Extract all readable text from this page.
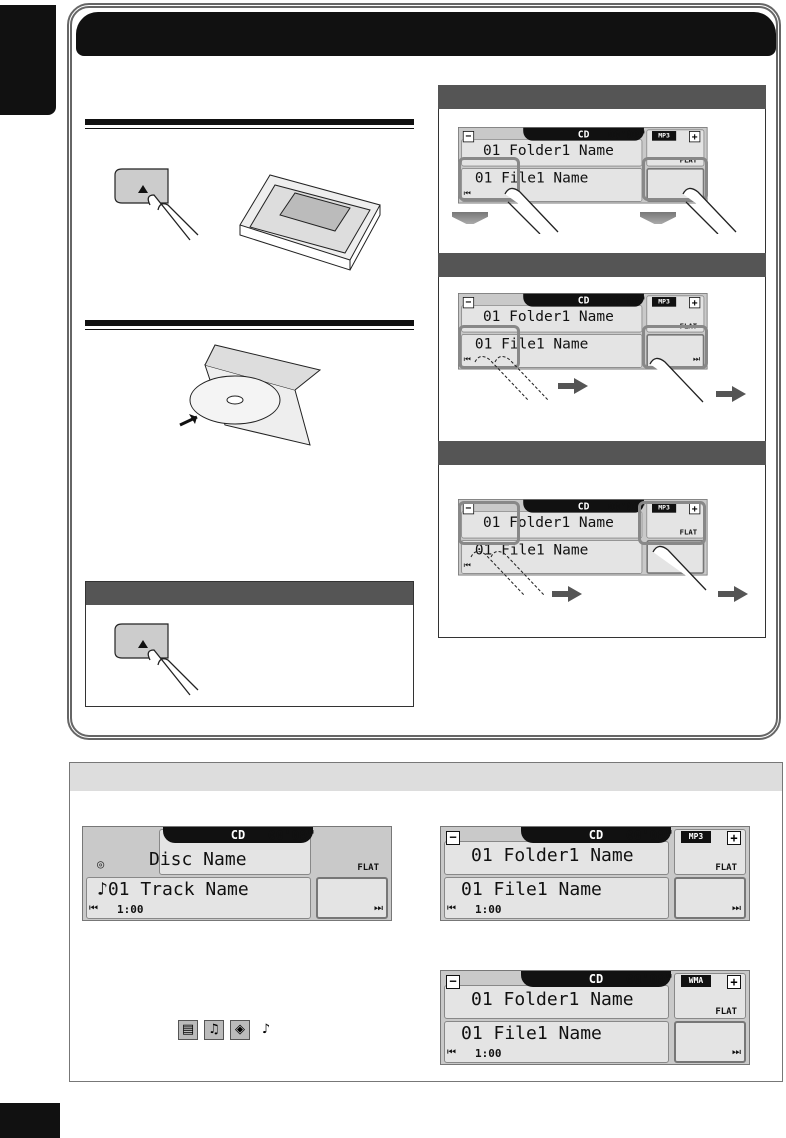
CD	00'00"
−	MP3	+
FLAT
01 Folder1 Name
01 File1 Name
⏮
CD	00'00"
−	MP3	+
FLAT
01 Folder1 Name
01 File1 Name
⏮	⏭
CD	00'00"
−	MP3	+
FLAT
01 Folder1 Name
01 File1 Name
⏮
CD	00'00"
◎	FLAT
Disc Name
♪01 Track Name
⏮ 1:00	⏭
CD	00'00"
−	MP3	+
FLAT
01 Folder1 Name
01 File1 Name
⏮ 1:00	⏭
CD	00'00"
−	WMA	+
FLAT
01 Folder1 Name
01 File1 Name
⏮ 1:00	⏭
▤ ♫ ◈ ♪
